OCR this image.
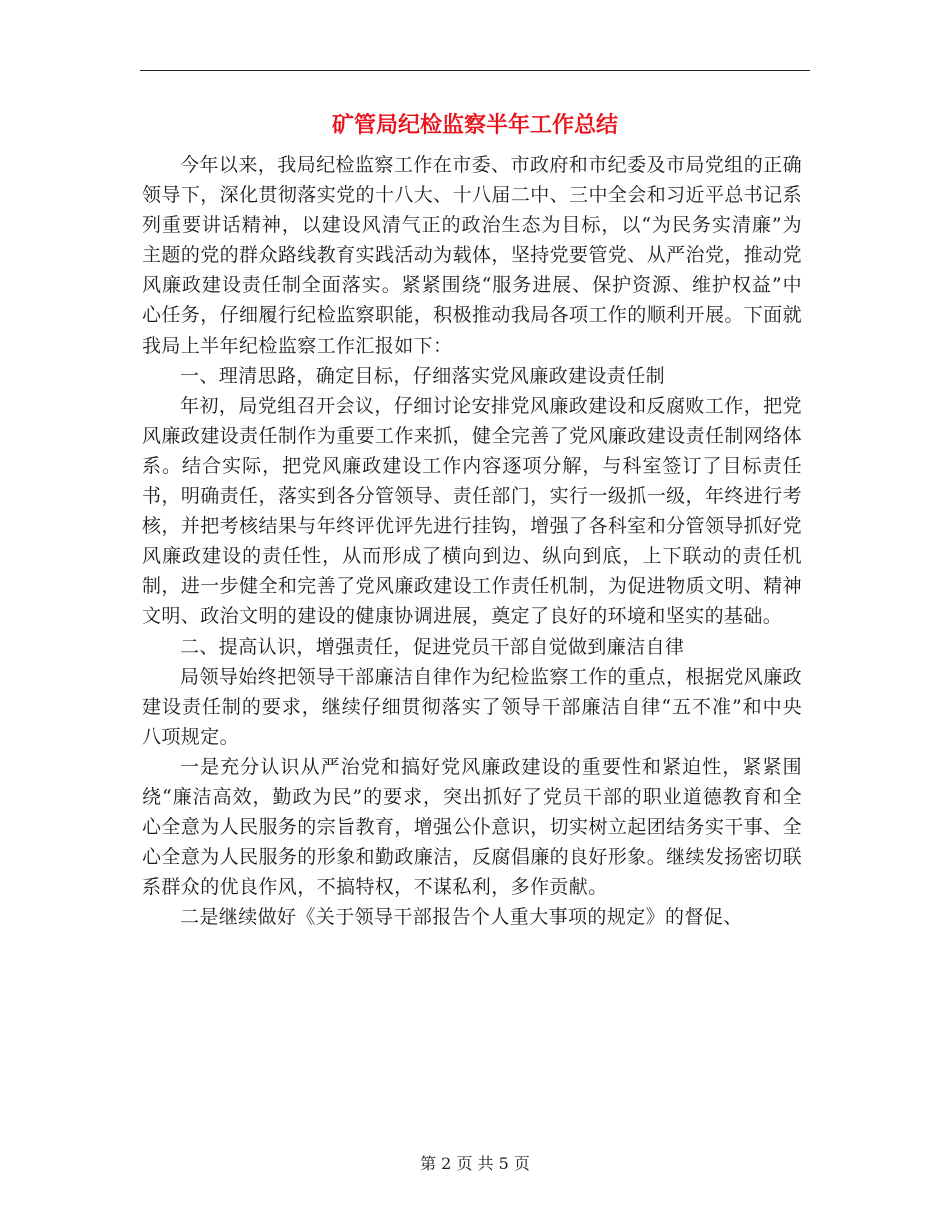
矿管局纪检监察半年工作总结

今年以来，我局纪检监察工作在市委、市政府和市纪委及市局党组的正确领导下，深化贯彻落实党的十八大、十八届二中、三中全会和习近平总书记系列重要讲话精神，以建设风清气正的政治生态为目标，以“为民务实清廉”为主题的党的群众路线教育实践活动为载体，坚持党要管党、从严治党，推动党风廉政建设责任制全面落实。紧紧围绕“服务进展、保护资源、维护权益”中心任务，仔细履行纪检监察职能，积极推动我局各项工作的顺利开展。下面就我局上半年纪检监察工作汇报如下：

一、理清思路，确定目标，仔细落实党风廉政建设责任制

年初，局党组召开会议，仔细讨论安排党风廉政建设和反腐败工作，把党风廉政建设责任制作为重要工作来抓，健全完善了党风廉政建设责任制网络体系。结合实际，把党风廉政建设工作内容逐项分解，与科室签订了目标责任书，明确责任，落实到各分管领导、责任部门，实行一级抓一级，年终进行考核，并把考核结果与年终评优评先进行挂钩，增强了各科室和分管领导抓好党风廉政建设的责任性，从而形成了横向到边、纵向到底，上下联动的责任机制，进一步健全和完善了党风廉政建设工作责任机制，为促进物质文明、精神文明、政治文明的建设的健康协调进展，奠定了良好的环境和坚实的基础。

二、提高认识，增强责任，促进党员干部自觉做到廉洁自律

局领导始终把领导干部廉洁自律作为纪检监察工作的重点，根据党风廉政建设责任制的要求，继续仔细贯彻落实了领导干部廉洁自律“五不准”和中央八项规定。

一是充分认识从严治党和搞好党风廉政建设的重要性和紧迫性，紧紧围绕“廉洁高效，勤政为民”的要求，突出抓好了党员干部的职业道德教育和全心全意为人民服务的宗旨教育，增强公仆意识，切实树立起团结务实干事、全心全意为人民服务的形象和勤政廉洁，反腐倡廉的良好形象。继续发扬密切联系群众的优良作风，不搞特权，不谋私利，多作贡献。

二是继续做好《关于领导干部报告个人重大事项的规定》的督促、

第 2 页 共 5 页
